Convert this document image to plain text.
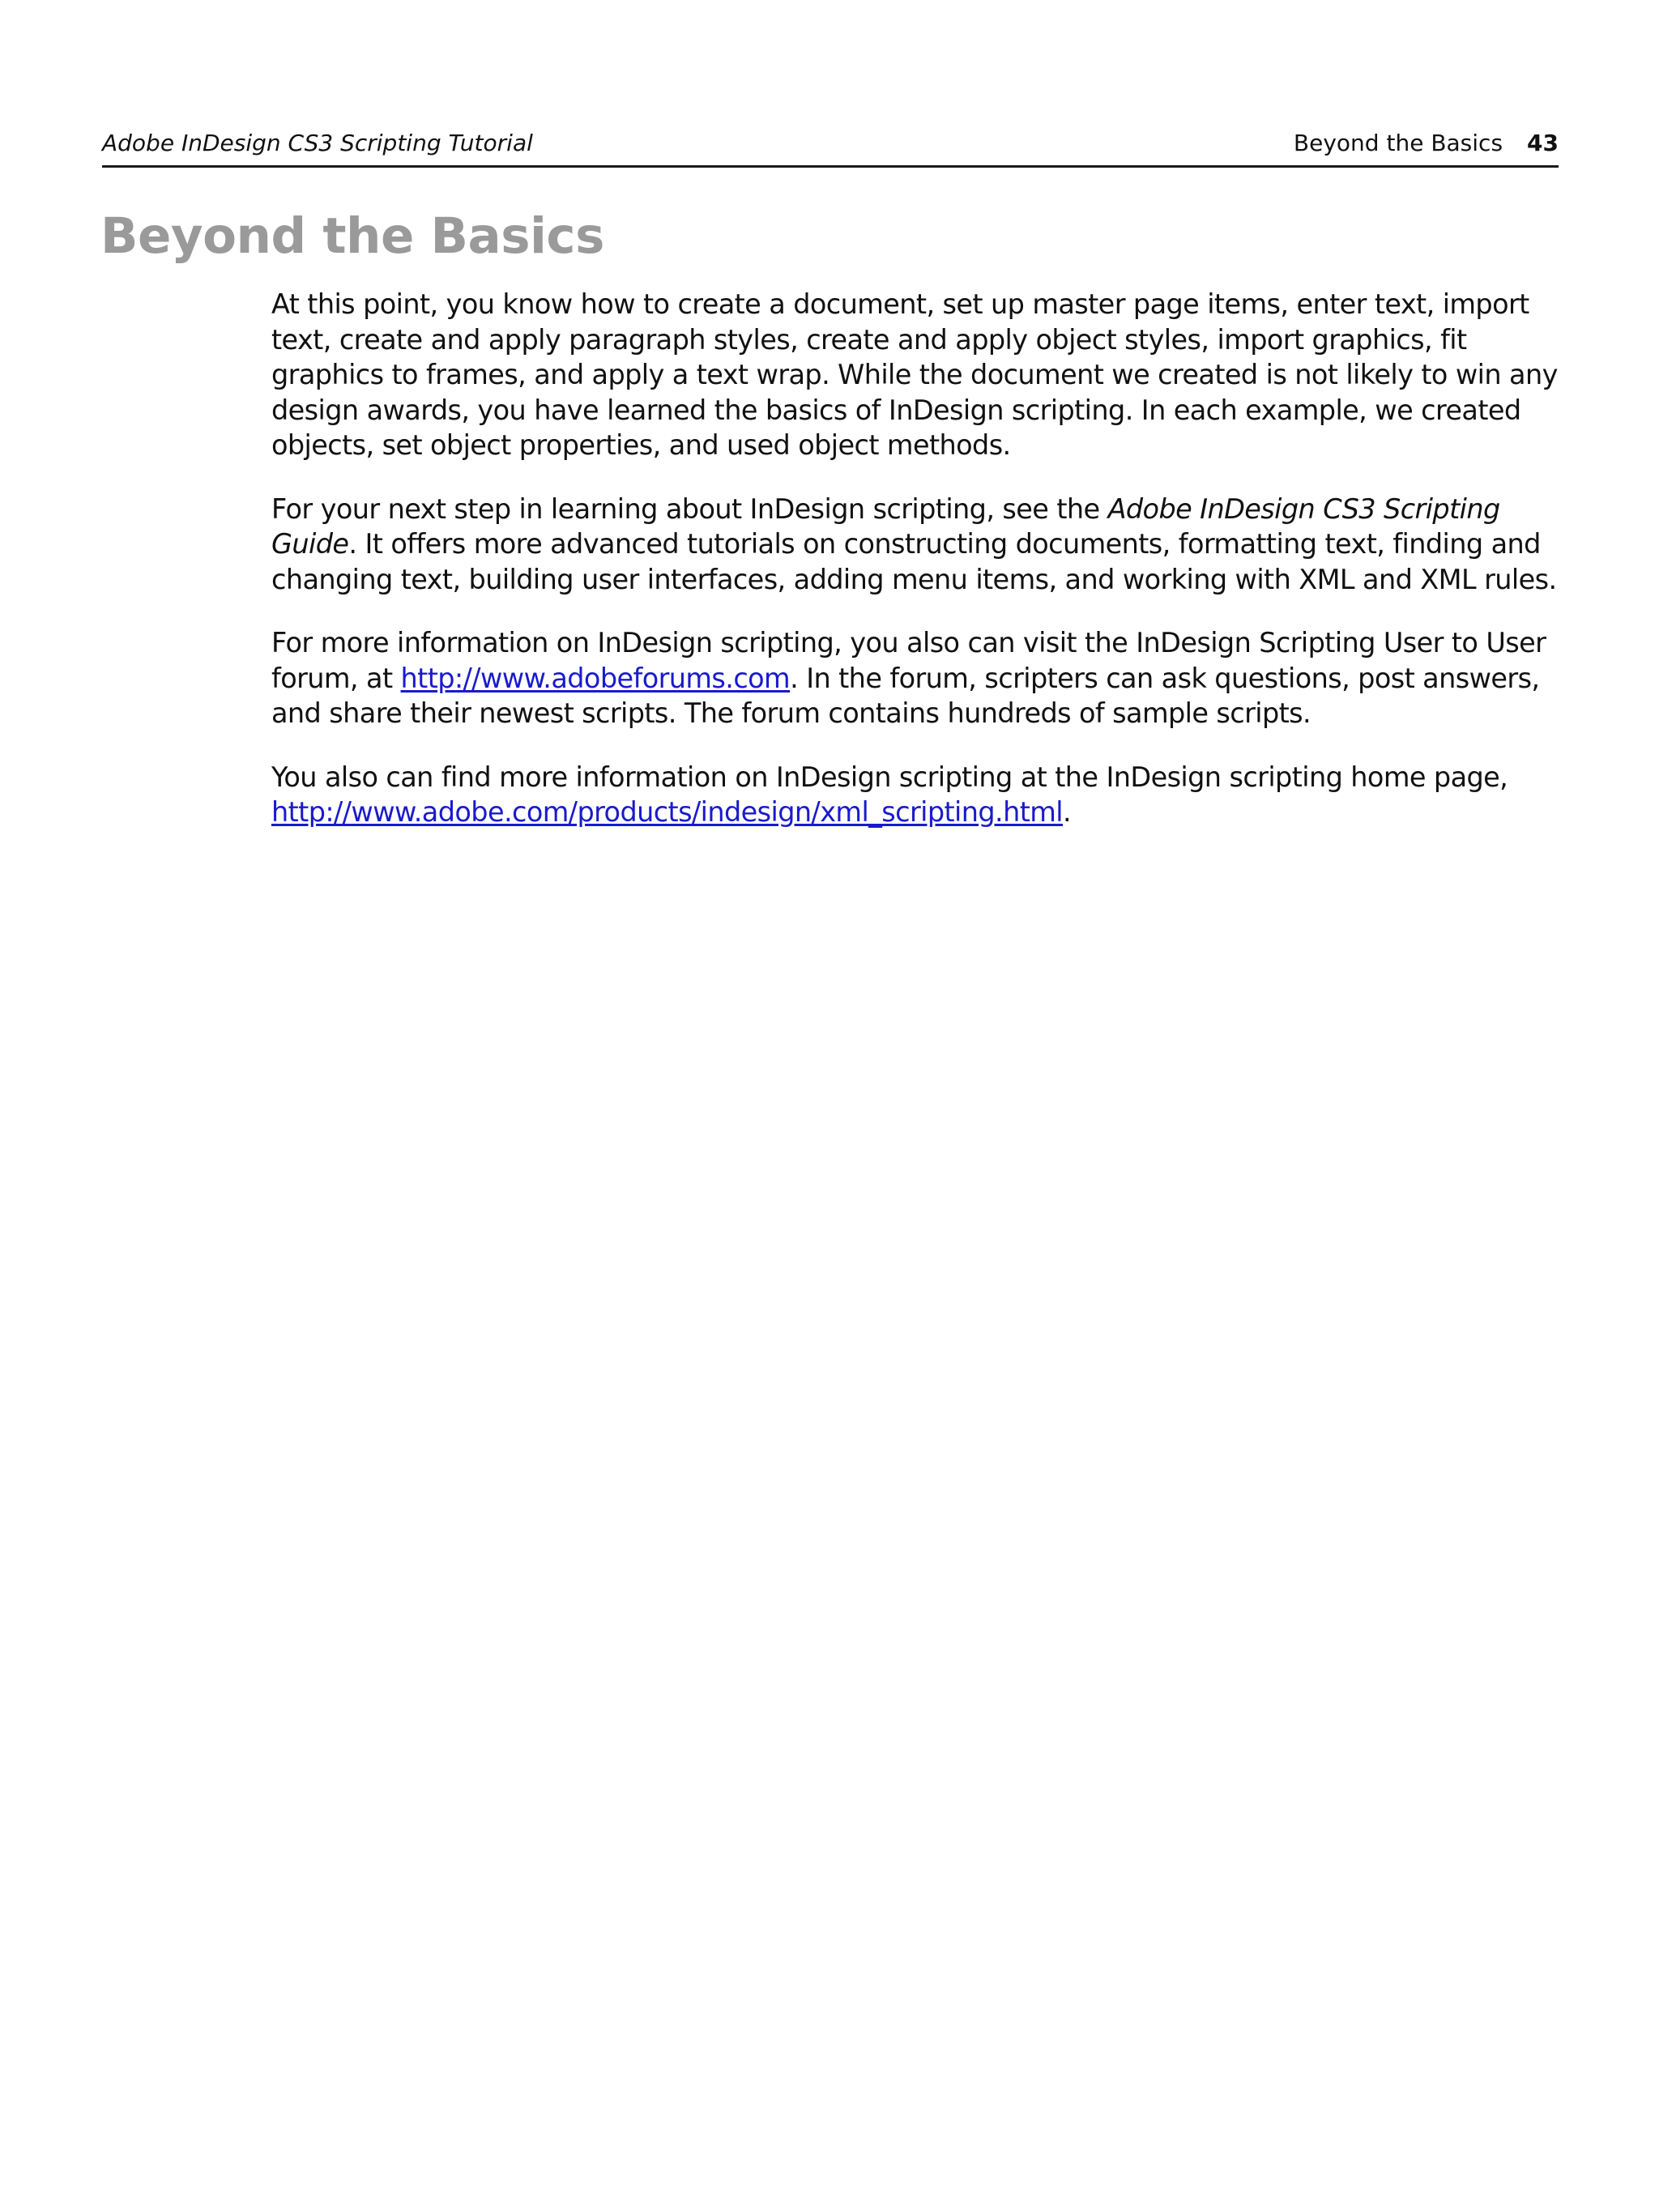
Adobe InDesign CS3 Scripting Tutorial	Beyond the Basics 43
Beyond the Basics

At this point, you know how to create a document, set up master page items, enter text, import text, create and apply paragraph styles, create and apply object styles, import graphics, fit graphics to frames, and apply a text wrap. While the document we created is not likely to win any design awards, you have learned the basics of InDesign scripting. In each example, we created objects, set object properties, and used object methods.

For your next step in learning about InDesign scripting, see the Adobe InDesign CS3 Scripting Guide. It offers more advanced tutorials on constructing documents, formatting text, finding and changing text, building user interfaces, adding menu items, and working with XML and XML rules.

For more information on InDesign scripting, you also can visit the InDesign Scripting User to User forum, at http://www.adobeforums.com. In the forum, scripters can ask questions, post answers, and share their newest scripts. The forum contains hundreds of sample scripts.

You also can find more information on InDesign scripting at the InDesign scripting home page, http://www.adobe.com/products/indesign/xml_scripting.html.
